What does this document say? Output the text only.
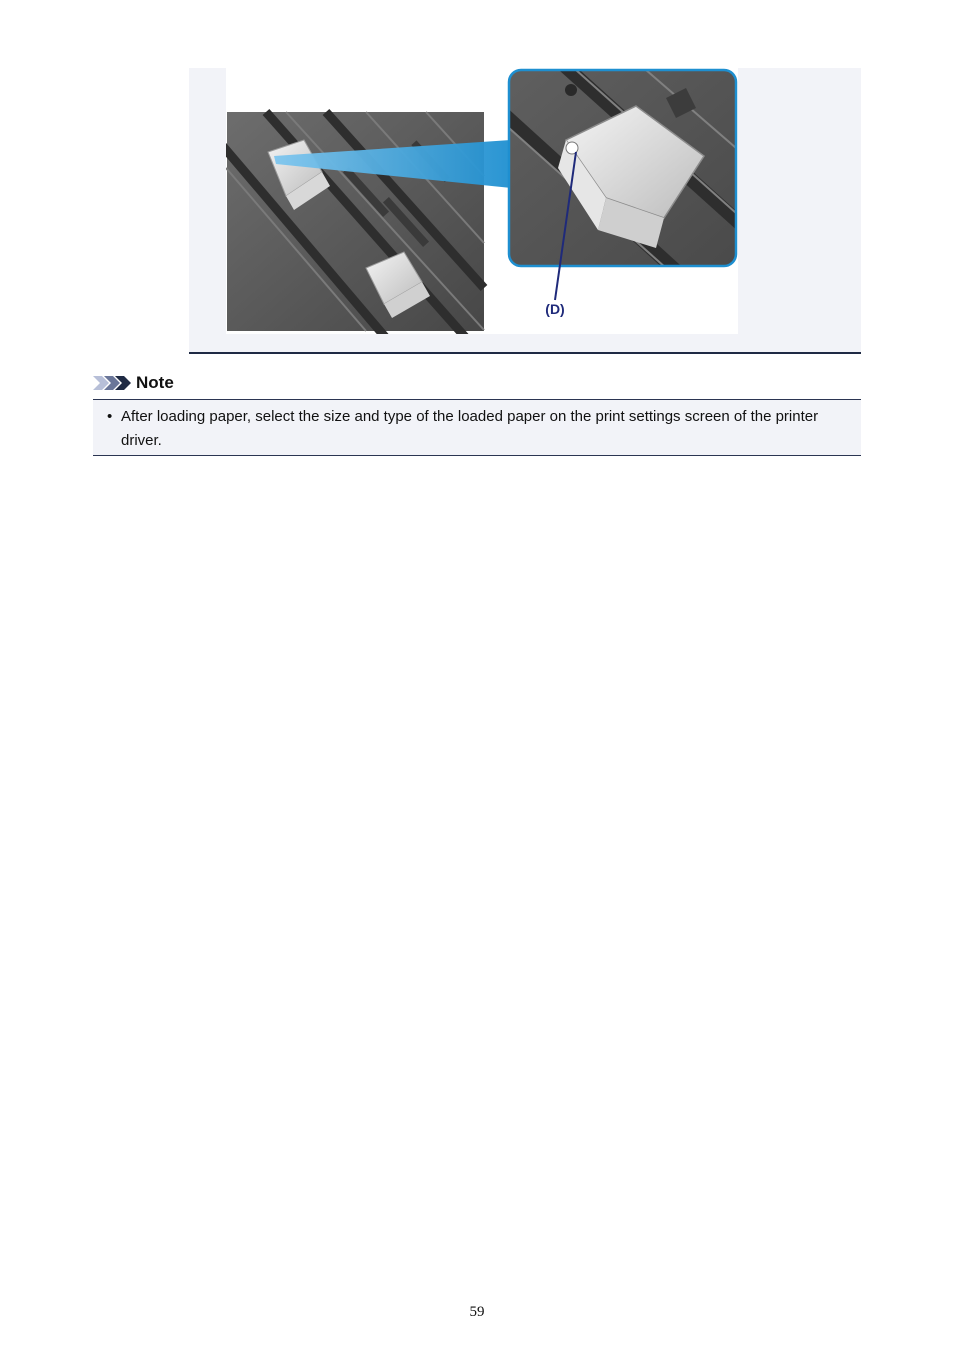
(D)
Note
• After loading paper, select the size and type of the loaded paper on the print settings screen of the printer driver.
59
